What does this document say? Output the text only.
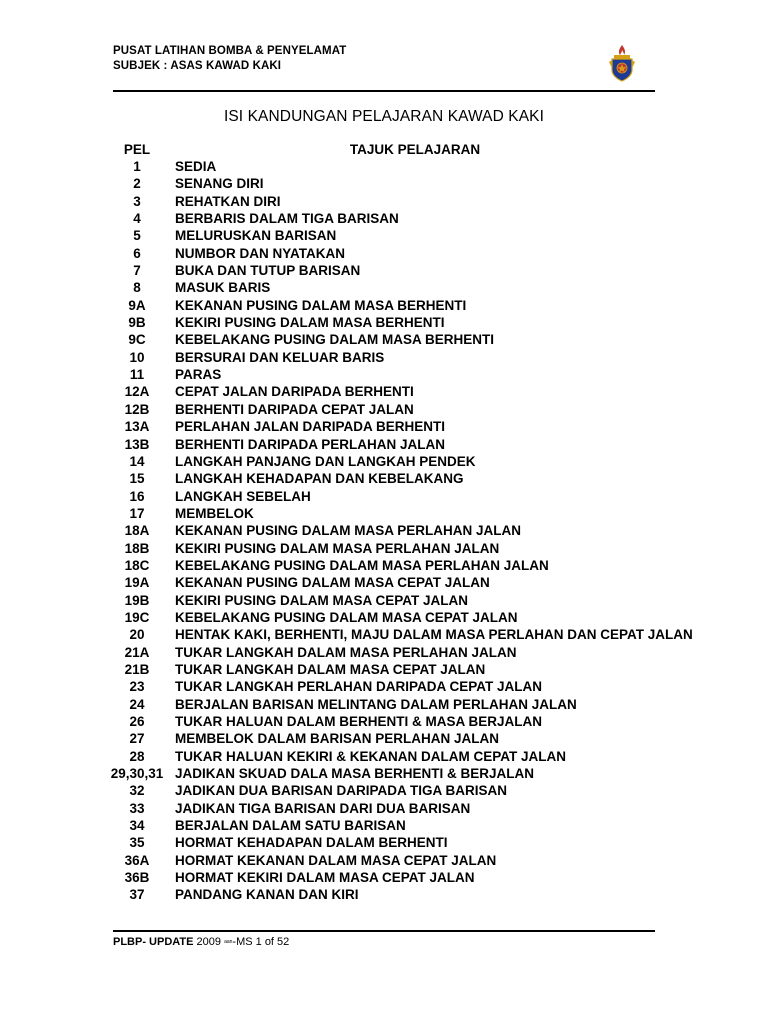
PUSAT LATIHAN BOMBA & PENYELAMAT
SUBJEK : ASAS KAWAD KAKI
ISI KANDUNGAN PELAJARAN KAWAD KAKI
PEL	TAJUK PELAJARAN
1	SEDIA
2	SENANG DIRI
3	REHATKAN DIRI
4	BERBARIS DALAM TIGA BARISAN
5	MELURUSKAN BARISAN
6	NUMBOR DAN NYATAKAN
7	BUKA DAN TUTUP BARISAN
8	MASUK BARIS
9A	KEKANAN PUSING DALAM MASA BERHENTI
9B	KEKIRI PUSING DALAM MASA BERHENTI
9C	KEBELAKANG PUSING DALAM MASA BERHENTI
10	BERSURAI DAN KELUAR BARIS
11	PARAS
12A	CEPAT JALAN DARIPADA BERHENTI
12B	BERHENTI DARIPADA CEPAT JALAN
13A	PERLAHAN JALAN DARIPADA BERHENTI
13B	BERHENTI DARIPADA PERLAHAN JALAN
14	LANGKAH PANJANG DAN LANGKAH PENDEK
15	LANGKAH KEHADAPAN DAN KEBELAKANG
16	LANGKAH SEBELAH
17	MEMBELOK
18A	KEKANAN PUSING DALAM MASA PERLAHAN JALAN
18B	KEKIRI PUSING DALAM MASA PERLAHAN JALAN
18C	KEBELAKANG PUSING DALAM MASA PERLAHAN JALAN
19A	KEKANAN PUSING DALAM MASA CEPAT JALAN
19B	KEKIRI PUSING DALAM MASA CEPAT JALAN
19C	KEBELAKANG PUSING DALAM MASA CEPAT JALAN
20	HENTAK KAKI, BERHENTI, MAJU DALAM MASA PERLAHAN DAN CEPAT JALAN
21A	TUKAR LANGKAH DALAM MASA PERLAHAN JALAN
21B	TUKAR LANGKAH DALAM MASA CEPAT JALAN
23	TUKAR LANGKAH PERLAHAN DARIPADA CEPAT JALAN
24	BERJALAN BARISAN MELINTANG DALAM PERLAHAN JALAN
26	TUKAR HALUAN DALAM BERHENTI & MASA BERJALAN
27	MEMBELOK DALAM BARISAN PERLAHAN JALAN
28	TUKAR HALUAN KEKIRI & KEKANAN DALAM CEPAT JALAN
29,30,31 JADIKAN SKUAD DALA MASA BERHENTI & BERJALAN
32	JADIKAN DUA BARISAN DARIPADA TIGA BARISAN
33	JADIKAN TIGA BARISAN DARI DUA BARISAN
34	BERJALAN DALAM SATU BARISAN
35	HORMAT KEHADAPAN DALAM BERHENTI
36A	HORMAT KEKANAN DALAM MASA CEPAT JALAN
36B	HORMAT KEKIRI DALAM MASA CEPAT JALAN
37	PANDANG KANAN DAN KIRI
PLBP- UPDATE 2009 aan-MS 1 of 52
